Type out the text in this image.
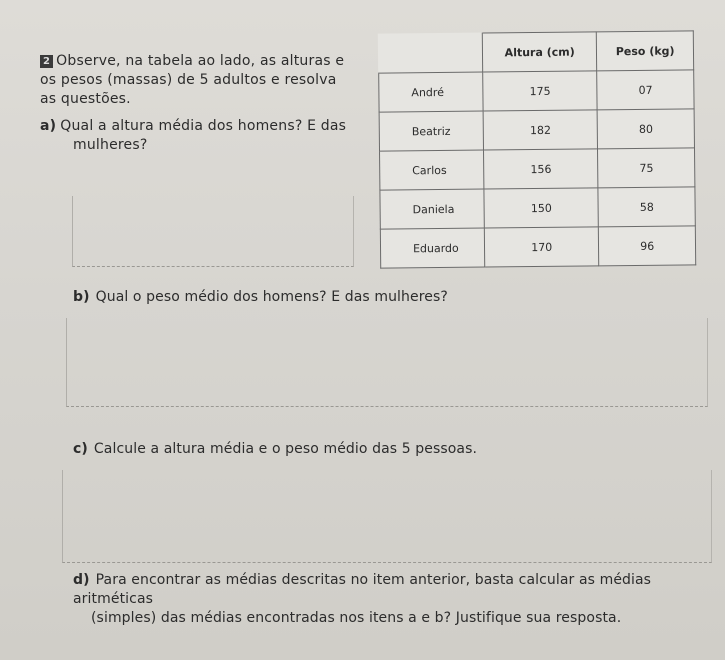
2 Observe, na tabela ao lado, as alturas e os pesos (massas) de 5 adultos e resolva as questões.
a) Qual a altura média dos homens? E das
mulheres?
	Altura (cm)	Peso (kg)
André	175	07
Beatriz	182	80
Carlos	156	75
Daniela	150	58
Eduardo	170	96
b) Qual o peso médio dos homens? E das mulheres?
c) Calcule a altura média e o peso médio das 5 pessoas.
d) Para encontrar as médias descritas no item anterior, basta calcular as médias aritméticas
(simples) das médias encontradas nos itens a e b? Justifique sua resposta.
